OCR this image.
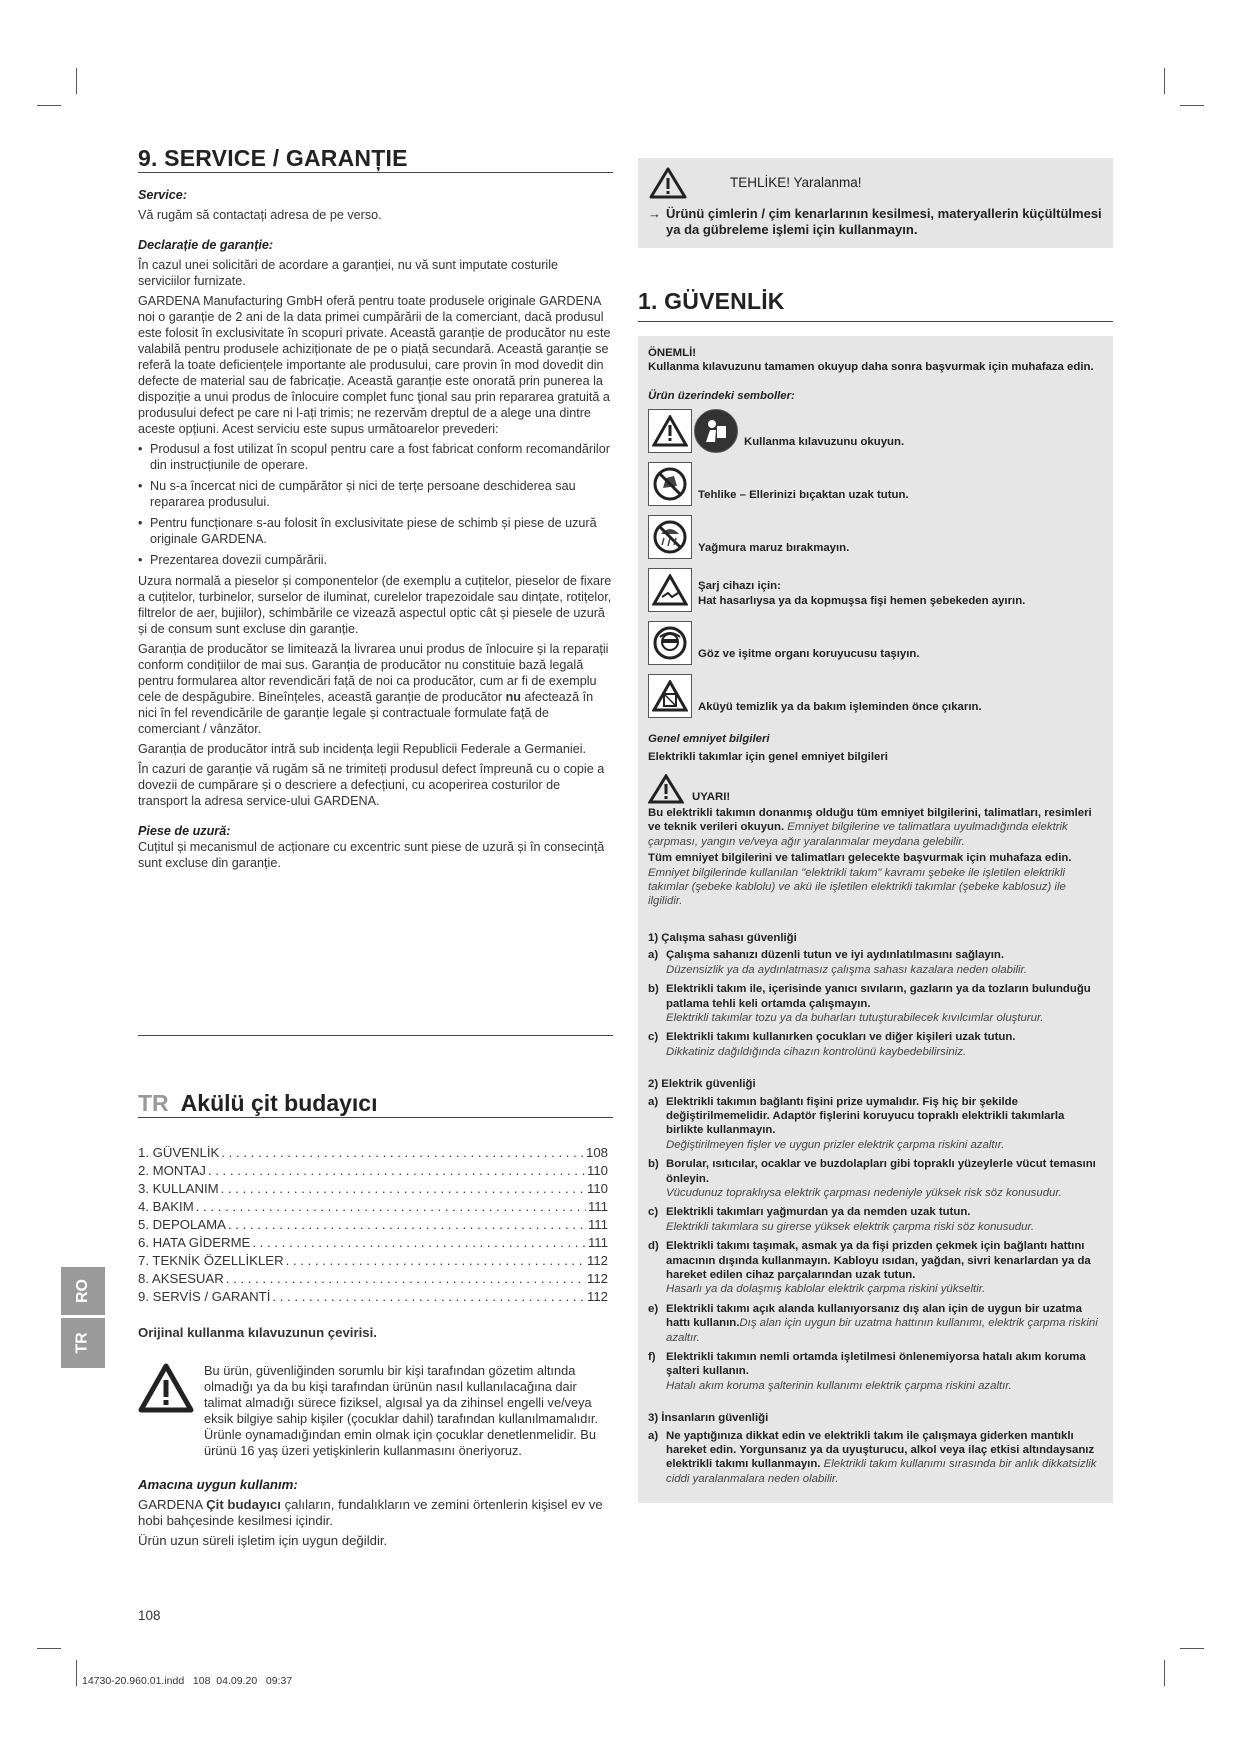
RO
TR
9. SERVICE / GARANȚIE

Service:

Vă rugăm să contactați adresa de pe verso.

Declarație de garanție:

În cazul unei solicitări de acordare a garanției, nu vă sunt imputate costurile serviciilor furnizate.

GARDENA Manufacturing GmbH oferă pentru toate produsele originale GARDENA noi o garanție de 2 ani de la data primei cumpărării de la comerciant, dacă produsul este folosit în exclusivitate în scopuri private. Această garanție de producător nu este valabilă pentru produsele achiziționate de pe o piață secundară. Această garanție se referă la toate deficiențele importante ale produsului, care provin în mod dovedit din defecte de material sau de fabricație. Această garanție este onorată prin punerea la dispoziție a unui produs de înlocuire complet func ţional sau prin repararea gratuită a produsului defect pe care ni l-ați trimis; ne rezervăm dreptul de a alege una dintre aceste opțiuni. Acest serviciu este supus următoarelor prevederi:

• Produsul a fost utilizat în scopul pentru care a fost fabricat conform recomandărilor din instrucțiunile de operare.
• Nu s-a încercat nici de cumpărător și nici de terțe persoane deschiderea sau repararea produsului.
• Pentru funcționare s-au folosit în exclusivitate piese de schimb și piese de uzură originale GARDENA.
• Prezentarea dovezii cumpărării.

Uzura normală a pieselor și componentelor (de exemplu a cuțitelor, pieselor de fixare a cuțitelor, turbinelor, surselor de iluminat, curelelor trapezoidale sau dințate, rotițelor, filtrelor de aer, bujiilor), schimbările ce vizează aspectul optic cât și piesele de uzură și de consum sunt excluse din garanție.

Garanția de producător se limitează la livrarea unui produs de înlocuire și la reparații conform condițiilor de mai sus. Garanția de producător nu constituie bază legală pentru formularea altor revendicări față de noi ca producător, cum ar fi de exemplu cele de despăgubire. Bineînțeles, această garanție de producător nu afectează în nici în fel revendicările de garanție legale și contractuale formulate față de comerciant / vânzător.

Garanția de producător intră sub incidența legii Republicii Federale a Germaniei.

În cazuri de garanție vă rugăm să ne trimiteți produsul defect împreună cu o copie a dovezii de cumpărare și o descriere a defecțiuni, cu acoperirea costurilor de transport la adresa service-ului GARDENA.

Piese de uzură:

Cuțitul și mecanismul de acționare cu excentric sunt piese de uzură și în consecință sunt excluse din garanție.

TR Akülü çit budayıcı
1. GÜVENLİK . . .	108
2. MONTAJ . . .	110
3. KULLANIM . . .	110
4. BAKIM . . .	111
5. DEPOLAMA . . .	111
6. HATA GİDERME . . .	111
7. TEKNİK ÖZELLİKLER . . .	112
8. AKSESUAR . . .	112
9. SERVİS / GARANTİ . . .	112

Orijinal kullanma kılavuzunun çevirisi.

Bu ürün, güvenliğinden sorumlu bir kişi tarafından gözetim altında olmadığı ya da bu kişi tarafından ürünün nasıl kullanılacağına dair talimat almadığı sürece fiziksel, algısal ya da zihinsel engelli ve/veya eksik bilgiye sahip kişiler (çocuklar dahil) tarafından kullanılmamalıdır. Ürünle oynamadığından emin olmak için çocuklar denetlenmelidir. Bu ürünü 16 yaş üzeri yetişkinlerin kullanmasını öneriyoruz.

Amacına uygun kullanım:

GARDENA Çit budayıcı çalıların, fundalıkların ve zemini örtenlerin kişisel ev ve hobi bahçesinde kesilmesi içindir.

Ürün uzun süreli işletim için uygun değildir.

108
14730-20.960.01.indd   108  04.09.20   09:37
TEHLİKE! Yaralanma!
→ Ürünü çimlerin / çim kenarlarının kesilmesi, materyallerin küçültülmesi ya da gübreleme işlemi için kullanmayın.
1. GÜVENLİK

ÖNEMLİ!

Kullanma kılavuzunu tamamen okuyup daha sonra başvurmak için muhafaza edin.

Ürün üzerindeki semboller:

Kullanma kılavuzunu okuyun.
Tehlike – Ellerinizi bıçaktan uzak tutun.
Yağmura maruz bırakmayın.
Şarj cihazı için:
Hat hasarlıysa ya da kopmuşsa fişi hemen şebekeden ayırın.
Göz ve işitme organı koruyucusu taşıyın.
Aküyü temizlik ya da bakım işleminden önce çıkarın.

Genel emniyet bilgileri

Elektrikli takımlar için genel emniyet bilgileri

UYARI!

Bu elektrikli takımın donanmış olduğu tüm emniyet bilgilerini, talimatları, resimleri ve teknik verileri okuyun. Emniyet bilgilerine ve talimatlara uyulmadığında elektrik çarpması, yangın ve/veya ağır yaralanmalar meydana gelebilir.

Tüm emniyet bilgilerini ve talimatları gelecekte başvurmak için muhafaza edin. Emniyet bilgilerinde kullanılan "elektrikli takım" kavramı şebeke ile işletilen elektrikli takımlar (şebeke kablolu) ve akü ile işletilen elektrikli takımlar (şebeke kablosuz) ile ilgilidir.

1) Çalışma sahası güvenliği

a) Çalışma sahanızı düzenli tutun ve iyi aydınlatılmasını sağlayın.
Düzensizlik ya da aydınlatmasız çalışma sahası kazalara neden olabilir.
b) Elektrikli takım ile, içerisinde yanıcı sıvıların, gazların ya da tozların bulunduğu patlama tehli keli ortamda çalışmayın.
Elektrikli takımlar tozu ya da buharları tutuşturabilecek kıvılcımlar oluşturur.
c) Elektrikli takımı kullanırken çocukları ve diğer kişileri uzak tutun.
Dikkatiniz dağıldığında cihazın kontrolünü kaybedebilirsiniz.

2) Elektrik güvenliği

a) Elektrikli takımın bağlantı fişini prize uymalıdır. Fiş hiç bir şekilde değiştirilmemelidir. Adaptör fişlerini koruyucu topraklı elektrikli takımlarla birlikte kullanmayın.
Değiştirilmeyen fişler ve uygun prizler elektrik çarpma riskini azaltır.
b) Borular, ısıtıcılar, ocaklar ve buzdolapları gibi topraklı yüzeylerle vücut temasını önleyin.
Vücudunuz topraklıysa elektrik çarpması nedeniyle yüksek risk söz konusudur.
c) Elektrikli takımları yağmurdan ya da nemden uzak tutun.
Elektrikli takımlara su girerse yüksek elektrik çarpma riski söz konusudur.
d) Elektrikli takımı taşımak, asmak ya da fişi prizden çekmek için bağlantı hattını amacının dışında kullanmayın. Kabloyu ısıdan, yağdan, sivri kenarlardan ya da hareket edilen cihaz parçalarından uzak tutun.
Hasarlı ya da dolaşmış kablolar elektrik çarpma riskini yükseltir.
e) Elektrikli takımı açık alanda kullanıyorsanız dış alan için de uygun bir uzatma hattı kullanın.Dış alan için uygun bir uzatma hattının kullanımı, elektrik çarpma riskini azaltır.
f) Elektrikli takımın nemli ortamda işletilmesi önlenemiyorsa hatalı akım koruma şalteri kullanın.
Hatalı akım koruma şalterinin kullanımı elektrik çarpma riskini azaltır.

3) İnsanların güvenliği

a) Ne yaptığınıza dikkat edin ve elektrikli takım ile çalışmaya giderken mantıklı hareket edin. Yorgunsanız ya da uyuşturucu, alkol veya ilaç etkisi altındaysanız elektrikli takımı kullanmayın. Elektrikli takım kullanımı sırasında bir anlık dikkatsizlik ciddi yaralanmalara neden olabilir.
